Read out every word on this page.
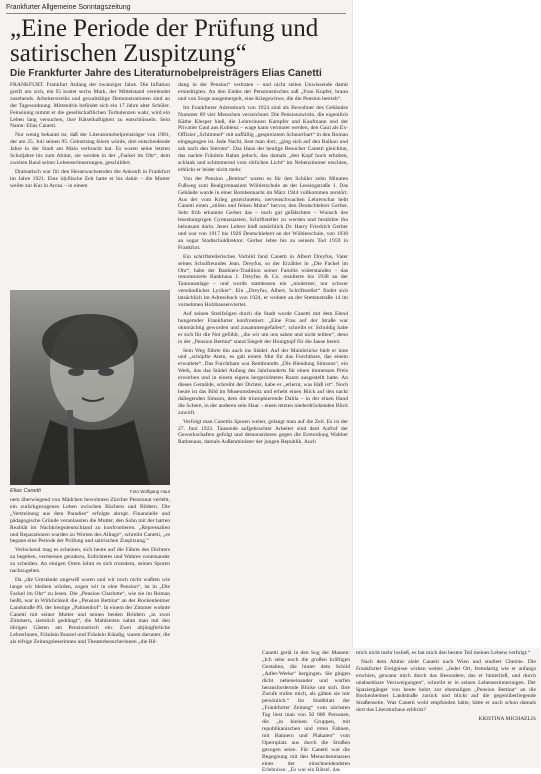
Frankfurter Allgemeine Sonntagszeitung
„Eine Periode der Prüfung und satirischen Zuspitzung“
Die Frankfurter Jahre des Literaturnobelpreisträgers Elias Canetti

FRANKFURT. Frankfurt Anfang der zwanziger Jahre. Die Inflation greift um sich, ein Ei kostet sechs Mark, der Mittelstand verelendet zusehends. Arbeiterstreiks und gewalttätige Demonstrationen sind an der Tagesordnung. Mittendrin befindet sich ein 17 Jahre alter Schüler. Feinsinnig nimmt er die gesellschaftlichen Turbulenzen wahr, wird ein Leben lang versuchen, ihre Rätselhaftigkeit zu entschlüsseln. Sein Name: Elias Canetti.

Nur wenig bekannt ist, daß der Literaturnobelpreisträger von 1981, der am 25. Juli seinen 95. Geburtstag feiern würde, drei entscheidende Jahre in der Stadt am Main verbracht hat. Es waren seine letzten Schuljahre bis zum Abitur, sie werden in der „Fackel im Ohr“, dem zweiten Band seiner Lebenserinnerungen, geschildert.

Dramatisch war für den Heranwachsenden die Ankunft in Frankfurt im Jahre 1921. Eine idyllische Zeit hatte er bis dahin – die Mutter weilte zur Kur in Arosa – in einem

Elias Canetti	Foto Wolfgang Haut

nem überwiegend von Mädchen bewohnten Zürcher Pensionat verlebt, ein zurückgezogenes Leben zwischen Büchern und Bildern. Die „Vertreibung aus dem Paradies“ erfolgte abrupt. Finanzielle und pädagogische Gründe veranlassten die Mutter, den Sohn mit der harten Realität im Nachkriegsdeutschland zu konfrontieren. „Repressalien und Reparationen wurden zu Worten des Alltags“, schreibt Canetti, „es begann eine Periode der Prüfung und satirischen Zuspitzung.“

Verlockend mag es scheinen, sich heute auf die Fährte des Dichters zu begeben, vermessen geradezu, Erdichtetes und Wahres voneinander zu scheiden. An einigen Orten lohnt es sich trotzdem, seinen Spuren nachzugehen.

Da „die Umstände ungewiß waren und wir noch nicht wußten wie lange wir bleiben würden, zogen wir in eine Pension“, ist in „Die Fackel im Ohr“ zu lesen. Die „Pension Charlotte“, wie sie im Roman heißt, war in Wirklichkeit die „Pension Bettina“ an der Bockenheimer Landstraße 89, der heutige „Palmenhof“. In einem der Zimmer wohnte Canetti mit seiner Mutter und seinen beiden Brüdern „in zwei Zimmern, ziemlich gedrängt“, die Mahlzeiten nahm man mit den übrigen Gästen am Pensionstisch ein. Zwei altjüngferliche Lehrerinnen, Fräulein Bunzel und Fräulein Kündig, waren darunter, die als eifrige Zeitungsleserinnen und Theaterbesucherinnen „die Bil-

dung in der Pension“ vertraten – und nicht selten Unwissende damit erniedrigten. An den Endes der Pensionstisches saß „Frau Kupfer, braun und von Sorge ausgemergelt, eine Kriegswitwe, die die Pension betrieb“.

Im Frankfurter Adressbuch von 1924 sind als Bewohner des Gebäudes Nummer 89 vier Menschen verzeichnet: Die Pensionswirtin, die eigentlich Käthe Klesper hieß, die Lehrerinnen Kampfer und Kaufmann und der Privatier Gaul aus Koblenz – wage kann vermutet werden, den Gaul als Ex-Offizier „Schimmel“ mit auffällig „gespreiztem Schnurrbart“ in den Roman eingegangen ist. Jede Nacht, liest man dort, „ging sich auf den Balkon und sah nach den Sternen“. Das Haus der heutige Besucher Canetti gleichtun, das nackte Fräulein Rahm jedoch, das damals „den Kopf hoch erhoben, schlank und schimmernd vom rötlichen Licht“ im Nebenzimmer erschien, erblickt er leider nicht mehr.

Von der Pension „Bettina“ waren es für den Schüler zehn Minuten Fußweg zum Realgymnasium Wöhlerschule an der Lessingstraße 1. Das Gebäude wurde in einer Bombennacht im März 1944 vollkommen zerstört. Aus der vom Krieg gezeichneten, nervenschwachen Lehrerschar hebt Canetti einen „stillen und feinen Mann“ hervor, den Deutschlehrer Gerber. Sehr früh erkannte Gerber das – noch gut gefälschten – Wunsch des leseshungrigen Gymnasiasten, Schriftsteller zu werden und bestärkte ihn behutsam darin. Jener Lehrer hieß tatsächlich Dr. Harry Friedrich Gerber und war von 1917 bis 1926 Deutschlehrer an der Wöhlerschule, von 1938 an sogar Stadtschuldirektor. Gerber lebte bis zu seinem Tod 1959 in Frankfurt.

Ein schriftstellerisches Vorbild fand Canetti in Albert Dreyfus, Vater seines Schulfreundes Jean. Dreyfus, so der Erzähler in „Die Fackel im Ohr“, habe der Bankiers-Tradition seiner Familie widerstanden – das renommierte Bankhaus J. Dreyfus & Co. residierte bis 1938 an der Taunusanlage – und wurde stattdessen ein „moderner, nur schwer verständlicher Lyriker“. Ein „Dreyfus, Albert, Schriftsteller“ findet sich tatsächlich im Adressbuch von 1924, er wohnte an der Stettenstraße 14 im vornehmen Holzhausenviertel.

Auf seinen Streifzügen durch die Stadt wurde Canetti mit dem Elend hungernder Frankfurter konfrontiert. „Eine Frau auf der Straße war ohnmächtig geworden und zusammengefallen“, schreibt er. Schuldig habe er sich für die Not gefühlt, „die wir um uns sahen und nicht teilten“, denn in der „Pension Bettina“ stand Siegelt der Honigtopf für die Jause bereit.

Sein Weg führte ihn auch ins Städel. Auf der Mainbrücke hielt er inne und „schöpfte Atem, es gab einem Mut für das Furchtbare, das einem erwartete“. Das Furchtbare war Rembrandts „Die Blendung Simsons“, ein Werk, das das Städel Anfang des Jahrhunderts für einen immensen Preis erworben und in einem eigens hergerichteten Raum ausgestellt hatte. An dieses Gemälde, schreibt der Dichter, habe er „erlernt, was Haß ist“. Noch heute ist das Bild im Museumsbesitz und erhebt einen Blick auf den nackt daliegenden Simson, dem die triumphierende Dalila – in der einen Hand die Schere, in der anderen sein Haar – einen letzten niederdrückenden Blick zuwirft.

Verfolgt man Canettis Spuren weiter, gelangt man auf die Zeil. Es ist der 27. Juni 1922. Tausende aufgebrachter Arbeiter sind dem Aufruf der Gewerkschaften gefolgt und demonstrieren gegen die Ermordung Walther Rathenaus, damals Außenminister der jungen Republik. Auch

Canetti gerät in den Sog der Massen: „Ich sehe noch die großen kräftigen Gestalten, die hinter dem Schild „Adler-Werke“ hergingen. Sie gingen dicht nebeneinander und warfen herausfordernde Blicke um sich. Ihre Zurufe trafen mich, als gälten sie mir persönlich.“ Im Stadtblatt der „Frankfurter Zeitung“ vom nächsten Tag liest man von 50 000 Personen, die „in kleinen Gruppen, mit republikanischen und roten Fahnen, mit Bannern und Plakaten“ vom Opernplatz aus durch die Straßen gezogen seien. Für Canetti war die Begegnung mit den Menschenmassen eines der einschneidendsten Erlebnisse: „Es war ein Rätsel, das

mich nicht mehr losließ, es hat mich den besten Teil meines Lebens verfolgt.“

Nach dem Abitur zieht Canetti nach Wien und studiert Chemie. Die Frankfurter Ereignisse wirken weiter. „Jeder Ort, fremdartig wie er anfangs erschien, gewann mich durch das Besondere, das er hinterließ, und durch unabsehbare Verzweigungen“, schreibt er in seinen Lebenserinnerungen. Der Spaziergänger von heute kehrt zur ehemaligen „Pension Bettina“ an die Bockenheimer Landstraße zurück und blickt auf die gegenüberliegende Straßenseite. Was Canetti wohl empfunden hätte, hätte er auch schon damals dort das Literaturhaus erblickt?

KRISTINA MICHAELIS
